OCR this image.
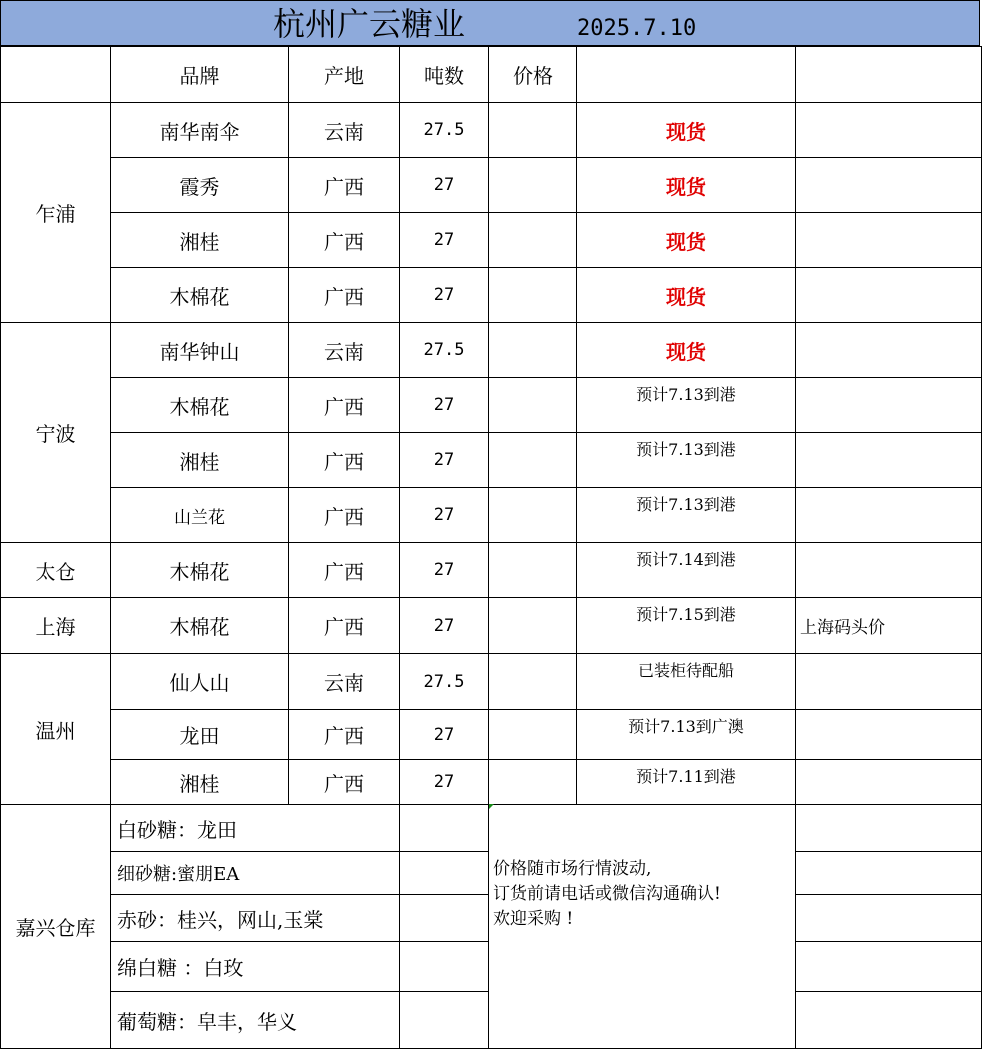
杭州广云糖业	2025.7.10
	品牌	产地	吨数	价格		
乍浦	南华南伞	云南	27.5		现货	
	霞秀	广西	27		现货	
	湘桂	广西	27		现货	
	木棉花	广西	27		现货	
宁波	南华钟山	云南	27.5		现货	
	木棉花	广西	27		预计7.13到港	
	湘桂	广西	27		预计7.13到港	
	山兰花	广西	27		预计7.13到港	
太仓	木棉花	广西	27		预计7.14到港	
上海	木棉花	广西	27		预计7.15到港	上海码头价
温州	仙人山	云南	27.5		已装柜待配船	
	龙田	广西	27		预计7.13到广澳	
	湘桂	广西	27		预计7.11到港	
嘉兴仓库	白砂糖：龙田			价格随市场行情波动,
订货前请电话或微信沟通确认!
欢迎采购 !		
	细砂糖:蜜朋EA					
	赤砂：桂兴，网山,玉棠					
	绵白糖 ：白玫					
	葡萄糖：皁丰，华义					
